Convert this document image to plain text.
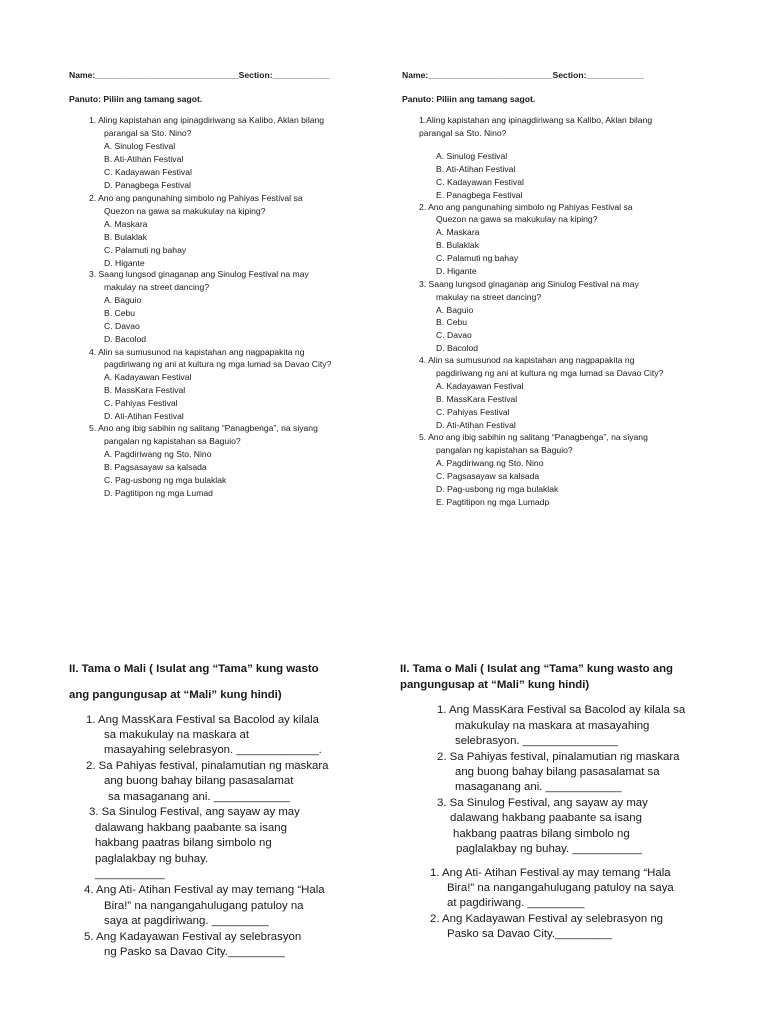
Name:______________________________Section:____________
Panuto: Piliin ang tamang sagot.
1. Aling kapistahan ang ipinagdiriwang sa Kalibo, Aklan bilang
parangal sa Sto. Nino?
A. Sinulog Festival
B. Ati-Atihan Festival
C. Kadayawan Festival
D. Panagbega Festival
2. Ano ang pangunahing simbolo ng Pahiyas Festival sa
Quezon na gawa sa makukulay na kiping?
A. Maskara
B. Bulaklak
C. Palamuti ng bahay
D. Higante
3. Saang lungsod ginaganap ang Sinulog Festival na may
makulay na street dancing?
A. Baguio
B. Cebu
C. Davao
D. Bacolod
4. Alin sa sumusunod na kapistahan ang nagpapakita ng
pagdiriwang ng ani at kultura ng mga lumad sa Davao City?
A. Kadayawan Festival
B. MassKara Festival
C. Pahiyas Festival
D. Ati-Atihan Festival
5. Ano ang ibig sabihin ng salitang “Panagbenga”, na siyang
pangalan ng kapistahan sa Baguio?
A. Pagdiriwang ng Sto. Nino
B. Pagsasayaw sa kalsada
C. Pag-usbong ng mga bulaklak
D. Pagtitipon ng mga Lumad
II. Tama o Mali ( Isulat ang “Tama” kung wasto
ang pangungusap at “Mali” kung hindi)
1. Ang MassKara Festival sa Bacolod ay kilala
sa makukulay na maskara at
masayahing selebrasyon. _____________.
2. Sa Pahiyas festival, pinalamutian ng maskara
ang buong bahay bilang pasasalamat
sa masaganang ani. ____________
3. Sa Sinulog Festival, ang sayaw ay may
dalawang hakbang paabante sa isang
hakbang paatras bilang simbolo ng
paglalakbay ng buhay.
___________
4. Ang Ati- Atihan Festival ay may temang “Hala
Bira!” na nangangahulugang patuloy na
saya at pagdiriwang. _________
5. Ang Kadayawan Festival ay selebrasyon
ng Pasko sa Davao City._________
Name:__________________________Section:____________
Panuto: Piliin ang tamang sagot.
1.Aling kapistahan ang ipinagdiriwang sa Kalibo, Aklan bilang
parangal sa Sto. Nino?
A. Sinulog Festival
B. Ati-Atihan Festival
C. Kadayawan Festival
E. Panagbega Festival
2. Ano ang pangunahing simbolo ng Pahiyas Festival sa
Quezon na gawa sa makukulay na kiping?
A. Maskara
B. Bulaklak
C. Palamuti ng bahay
D. Higante
3. Saang lungsod ginaganap ang Sinulog Festival na may
makulay na street dancing?
A. Baguio
B. Cebu
C. Davao
D. Bacolod
4. Alin sa sumusunod na kapistahan ang nagpapakita ng
pagdiriwang ng ani at kultura ng mga lumad sa Davao City?
A. Kadayawan Festival
B. MassKara Festival
C. Pahiyas Festival
D. Ati-Atihan Festival
5. Ano ang ibig sabihin ng salitang “Panagbenga”, na siyang
pangalan ng kapistahan sa Baguio?
A. Pagdiriwang ng Sto. Nino
C. Pagsasayaw sa kalsada
D. Pag-usbong ng mga bulaklak
E. Pagtitipon ng mga Lumadp
II. Tama o Mali ( Isulat ang “Tama” kung wasto ang
pangungusap at “Mali” kung hindi)
1. Ang MassKara Festival sa Bacolod ay kilala sa
makukulay na maskara at masayahing
selebrasyon. _______________
2. Sa Pahiyas festival, pinalamutian ng maskara
ang buong bahay bilang pasasalamat sa
masaganang ani. ____________
3. Sa Sinulog Festival, ang sayaw ay may
dalawang hakbang paabante sa isang
hakbang paatras bilang simbolo ng
paglalakbay ng buhay. ___________
1. Ang Ati- Atihan Festival ay may temang “Hala
Bira!” na nangangahulugang patuloy na saya
at pagdiriwang. _________
2. Ang Kadayawan Festival ay selebrasyon ng
Pasko sa Davao City._________
